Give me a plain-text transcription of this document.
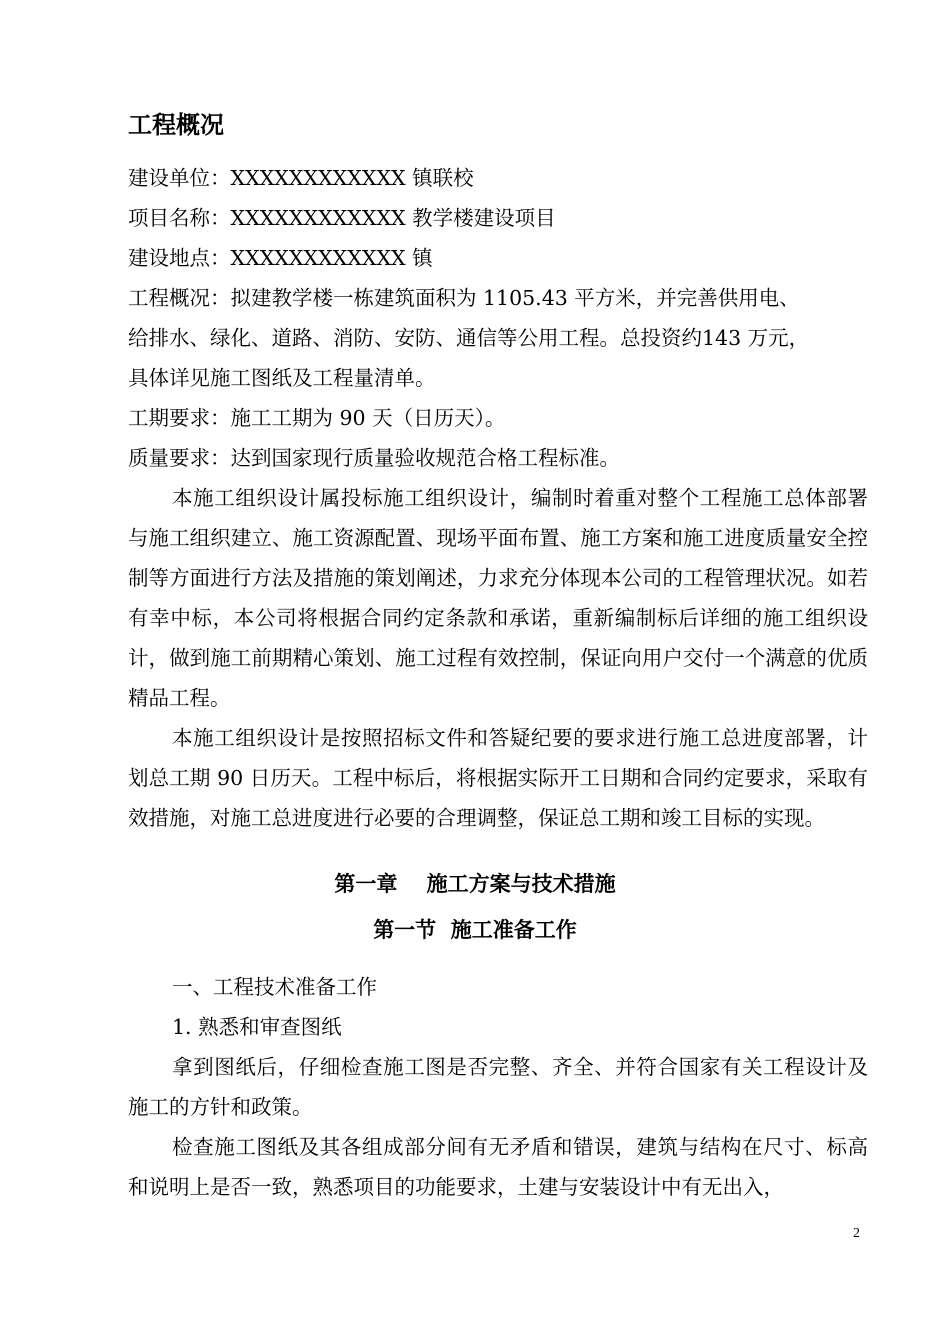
工程概况

建设单位：XXXXXXXXXXXX 镇联校

项目名称：XXXXXXXXXXXX 教学楼建设项目

建设地点：XXXXXXXXXXXX 镇

工程概况：拟建教学楼一栋建筑面积为 1105.43 平方米，并完善供用电、

给排水、绿化、道路、消防、安防、通信等公用工程。总投资约143 万元，

具体详见施工图纸及工程量清单。

工期要求：施工工期为 90 天（日历天）。

质量要求：达到国家现行质量验收规范合格工程标准。

本施工组织设计属投标施工组织设计，编制时着重对整个工程施工总体部署与施工组织建立、施工资源配置、现场平面布置、施工方案和施工进度质量安全控制等方面进行方法及措施的策划阐述，力求充分体现本公司的工程管理状况。如若有幸中标，本公司将根据合同约定条款和承诺，重新编制标后详细的施工组织设计，做到施工前期精心策划、施工过程有效控制，保证向用户交付一个满意的优质精品工程。

本施工组织设计是按照招标文件和答疑纪要的要求进行施工总进度部署，计划总工期 90 日历天。工程中标后，将根据实际开工日期和合同约定要求，采取有效措施，对施工总进度进行必要的合理调整，保证总工期和竣工目标的实现。

第一章    施工方案与技术措施
第一节  施工准备工作

一、工程技术准备工作

1. 熟悉和审查图纸

拿到图纸后，仔细检查施工图是否完整、齐全、并符合国家有关工程设计及施工的方针和政策。

检查施工图纸及其各组成部分间有无矛盾和错误，建筑与结构在尺寸、标高和说明上是否一致，熟悉项目的功能要求，土建与安装设计中有无出入，

2
